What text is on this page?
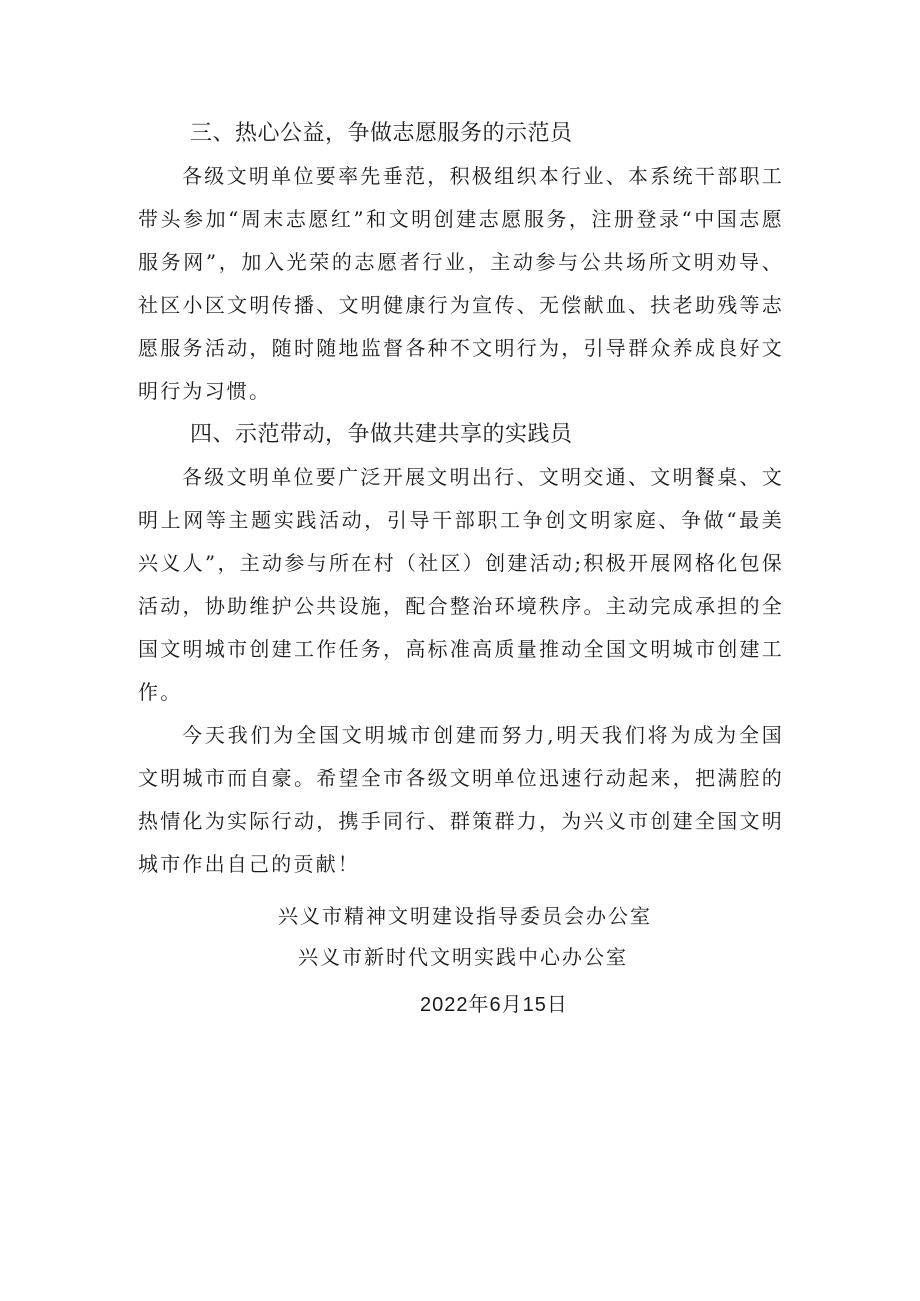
三、热心公益，争做志愿服务的示范员

各级文明单位要率先垂范，积极组织本行业、本系统干部职工带头参加“周末志愿红”和文明创建志愿服务，注册登录“中国志愿服务网”，加入光荣的志愿者行业，主动参与公共场所文明劝导、社区小区文明传播、文明健康行为宣传、无偿献血、扶老助残等志愿服务活动，随时随地监督各种不文明行为，引导群众养成良好文明行为习惯。

四、示范带动，争做共建共享的实践员

各级文明单位要广泛开展文明出行、文明交通、文明餐桌、文明上网等主题实践活动，引导干部职工争创文明家庭、争做“最美兴义人”，主动参与所在村（社区）创建活动;积极开展网格化包保活动，协助维护公共设施，配合整治环境秩序。主动完成承担的全国文明城市创建工作任务，高标准高质量推动全国文明城市创建工作。

今天我们为全国文明城市创建而努力,明天我们将为成为全国文明城市而自豪。希望全市各级文明单位迅速行动起来，把满腔的热情化为实际行动，携手同行、群策群力，为兴义市创建全国文明城市作出自己的贡献！

兴义市精神文明建设指导委员会办公室
兴义市新时代文明实践中心办公室
2022年6月15日
